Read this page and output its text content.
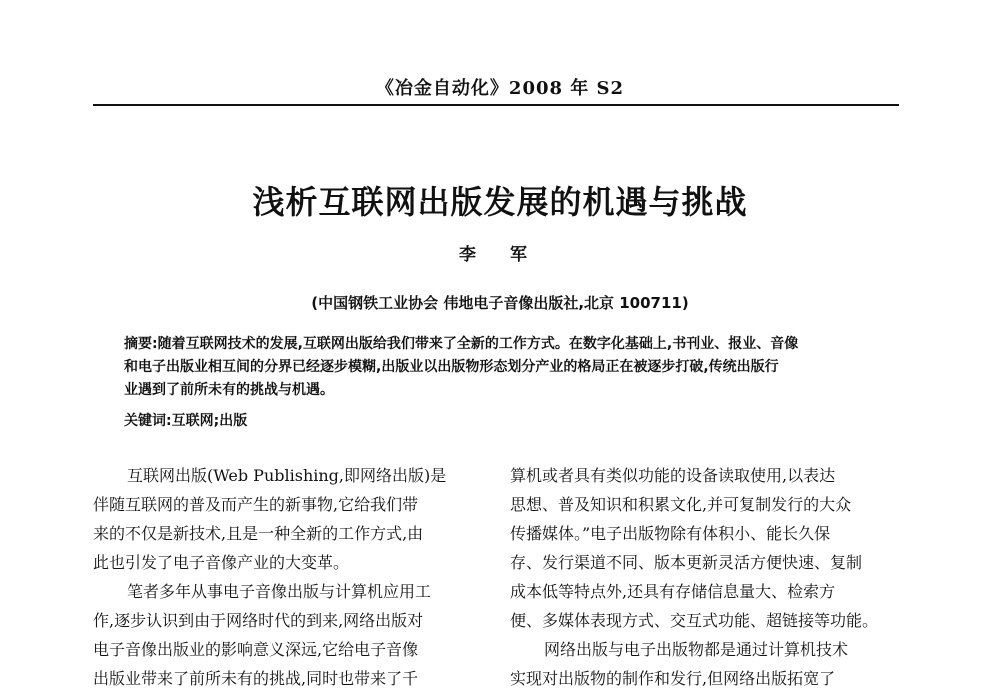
《冶金自动化》2008 年 S2
浅析互联网出版发展的机遇与挑战
李 军
(中国钢铁工业协会 伟地电子音像出版社,北京 100711)
摘要:随着互联网技术的发展,互联网出版给我们带来了全新的工作方式。在数字化基础上,书刊业、报业、音像
和电子出版业相互间的分界已经逐步模糊,出版业以出版物形态划分产业的格局正在被逐步打破,传统出版行
业遇到了前所未有的挑战与机遇。
关键词:互联网;出版
互联网出版(Web Publishing,即网络出版)是
伴随互联网的普及而产生的新事物,它给我们带
来的不仅是新技术,且是一种全新的工作方式,由
此也引发了电子音像产业的大变革。
笔者多年从事电子音像出版与计算机应用工
作,逐步认识到由于网络时代的到来,网络出版对
电子音像出版业的影响意义深远,它给电子音像
出版业带来了前所未有的挑战,同时也带来了千
算机或者具有类似功能的设备读取使用,以表达
思想、普及知识和积累文化,并可复制发行的大众
传播媒体。”电子出版物除有体积小、能长久保
存、发行渠道不同、版本更新灵活方便快速、复制
成本低等特点外,还具有存储信息量大、检索方
便、多媒体表现方式、交互式功能、超链接等功能。
网络出版与电子出版物都是通过计算机技术
实现对出版物的制作和发行,但网络出版拓宽了
